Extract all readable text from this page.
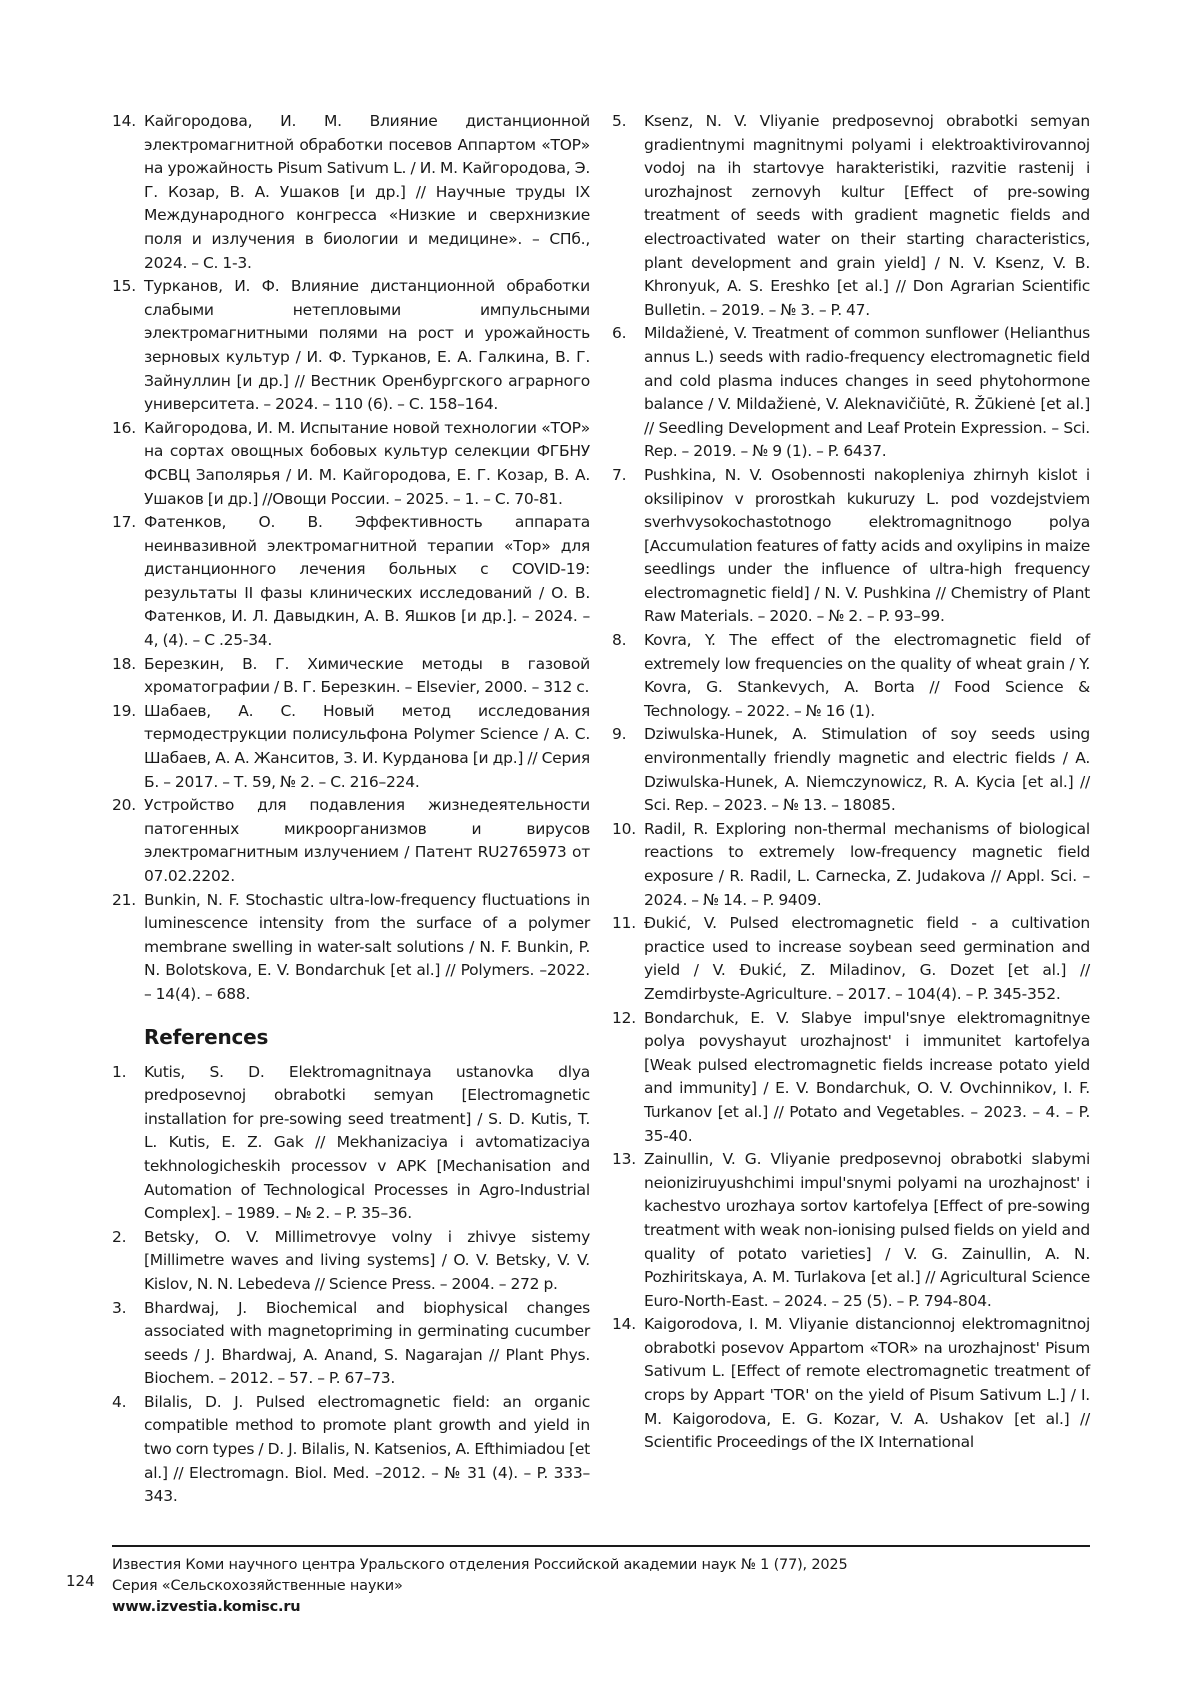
14. Кайгородова, И. М. Влияние дистанционной электромагнитной обработки посевов Аппартом «ТОР» на урожайность Pisum Sativum L. / И. М. Кайгородова, Э. Г. Козар, В. А. Ушаков [и др.] // Научные труды IX Международного конгресса «Низкие и сверхнизкие поля и излучения в биологии и медицине». – СПб., 2024. – С. 1-3.
15. Турканов, И. Ф. Влияние дистанционной обработки слабыми нетепловыми импульсными электромагнитными полями на рост и урожайность зерновых культур / И. Ф. Турканов, Е. А. Галкина, В. Г. Зайнуллин [и др.] // Вестник Оренбургского аграрного университета. – 2024. – 110 (6). – С. 158–164.
16. Кайгородова, И. М. Испытание новой технологии «ТОР» на сортах овощных бобовых культур селекции ФГБНУ ФСВЦ Заполярья / И. М. Кайгородова, Е. Г. Козар, В. А. Ушаков [и др.] //Овощи России. – 2025. – 1. – С. 70-81.
17. Фатенков, О. В. Эффективность аппарата неинвазивной электромагнитной терапии «Тор» для дистанционного лечения больных с COVID-19: результаты II фазы клинических исследований / О. В. Фатенков, И. Л. Давыдкин, А. В. Яшков [и др.]. – 2024. – 4, (4). – С .25-34.
18. Березкин, В. Г. Химические методы в газовой хроматографии / В. Г. Березкин. – Elsevier, 2000. – 312 с.
19. Шабаев, А. С. Новый метод исследования термодеструкции полисульфона Polymer Science / А. С. Шабаев, А. А. Жанситов, З. И. Курданова [и др.] // Серия Б. – 2017. – Т. 59, № 2. – С. 216–224.
20. Устройство для подавления жизнедеятельности патогенных микроорганизмов и вирусов электромагнитным излучением / Патент RU2765973 от 07.02.2202.
21. Bunkin, N. F. Stochastic ultra-low-frequency fluctuations in luminescence intensity from the surface of a polymer membrane swelling in water-salt solutions / N. F. Bunkin, P. N. Bolotskova, E. V. Bondarchuk [et al.] // Polymers. –2022. – 14(4). – 688.
References
1. Kutis, S. D. Elektromagnitnaya ustanovka dlya predposevnoj obrabotki semyan [Electromagnetic installation for pre-sowing seed treatment] / S. D. Kutis, T. L. Kutis, E. Z. Gak // Mekhanizaciya i avtomatizaciya tekhnologicheskih processov v APK [Mechanisation and Automation of Technological Processes in Agro-Industrial Complex]. – 1989. – № 2. – P. 35–36.
2. Betsky, O. V. Millimetrovye volny i zhivye sistemy [Millimetre waves and living systems] / O. V. Betsky, V. V. Kislov, N. N. Lebedeva // Science Press. – 2004. – 272 p.
3. Bhardwaj, J. Biochemical and biophysical changes associated with magnetopriming in germinating cucumber seeds / J. Bhardwaj, A. Anand, S. Nagarajan // Plant Phys. Biochem. – 2012. – 57. – P. 67–73.
4. Bilalis, D. J. Pulsed electromagnetic field: an organic compatible method to promote plant growth and yield in two corn types / D. J. Bilalis, N. Katsenios, A. Efthimiadou [et al.] // Electromagn. Biol. Med. –2012. – № 31 (4). – P. 333–343.
5. Ksenz, N. V. Vliyanie predposevnoj obrabotki semyan gradientnymi magnitnymi polyami i elektroaktivirovannoj vodoj na ih startovye harakteristiki, razvitie rastenij i urozhajnost zernovyh kultur [Effect of pre-sowing treatment of seeds with gradient magnetic fields and electroactivated water on their starting characteristics, plant development and grain yield] / N. V. Ksenz, V. B. Khronyuk, A. S. Ereshko [et al.] // Don Agrarian Scientific Bulletin. – 2019. – № 3. – P. 47.
6. Mildažienė, V. Treatment of common sunflower (Helianthus annus L.) seeds with radio-frequency electromagnetic field and cold plasma induces changes in seed phytohormone balance / V. Mildažienė, V. Aleknavičiūtė, R. Žūkienė [et al.] // Seedling Development and Leaf Protein Expression. – Sci. Rep. – 2019. – № 9 (1). – P. 6437.
7. Pushkina, N. V. Osobennosti nakopleniya zhirnyh kislot i oksilipinov v prorostkah kukuruzy L. pod vozdejstviem sverhvysokochastotnogo elektromagnitnogo polya [Accumulation features of fatty acids and oxylipins in maize seedlings under the influence of ultra-high frequency electromagnetic field] / N. V. Pushkina // Chemistry of Plant Raw Materials. – 2020. – № 2. – P. 93–99.
8. Kovra, Y. The effect of the electromagnetic field of extremely low frequencies on the quality of wheat grain / Y. Kovra, G. Stankevych, A. Borta // Food Science & Technology. – 2022. – № 16 (1).
9. Dziwulska-Hunek, A. Stimulation of soy seeds using environmentally friendly magnetic and electric fields / A. Dziwulska-Hunek, A. Niemczynowicz, R. A. Kycia [et al.] // Sci. Rep. – 2023. – № 13. – 18085.
10. Radil, R. Exploring non-thermal mechanisms of biological reactions to extremely low-frequency magnetic field exposure / R. Radil, L. Carnecka, Z. Judakova // Appl. Sci. – 2024. – № 14. – P. 9409.
11. Đukić, V. Pulsed electromagnetic field - a cultivation practice used to increase soybean seed germination and yield / V. Đukić, Z. Miladinov, G. Dozet [et al.] // Zemdirbyste-Agriculture. – 2017. – 104(4). – P. 345-352.
12. Bondarchuk, E. V. Slabye impul'snye elektromagnitnye polya povyshayut urozhajnost' i immunitet kartofelya [Weak pulsed electromagnetic fields increase potato yield and immunity] / E. V. Bondarchuk, O. V. Ovchinnikov, I. F. Turkanov [et al.] // Potato and Vegetables. – 2023. – 4. – P. 35-40.
13. Zainullin, V. G. Vliyanie predposevnoj obrabotki slabymi neioniziruyushchimi impul'snymi polyami na urozhajnost' i kachestvo urozhaya sortov kartofelya [Effect of pre-sowing treatment with weak non-ionising pulsed fields on yield and quality of potato varieties] / V. G. Zainullin, A. N. Pozhiritskaya, A. M. Turlakova [et al.] // Agricultural Science Euro-North-East. – 2024. – 25 (5). – P. 794-804.
14. Kaigorodova, I. M. Vliyanie distancionnoj elektromagnitnoj obrabotki posevov Appartom «TOR» na urozhajnost' Pisum Sativum L. [Effect of remote electromagnetic treatment of crops by Appart 'TOR' on the yield of Pisum Sativum L.] / I. M. Kaigorodova, E. G. Kozar, V. A. Ushakov [et al.] // Scientific Proceedings of the IX International
124
Известия Коми научного центра Уральского отделения Российской академии наук № 1 (77), 2025
Серия «Сельскохозяйственные науки»
www.izvestia.komisc.ru
